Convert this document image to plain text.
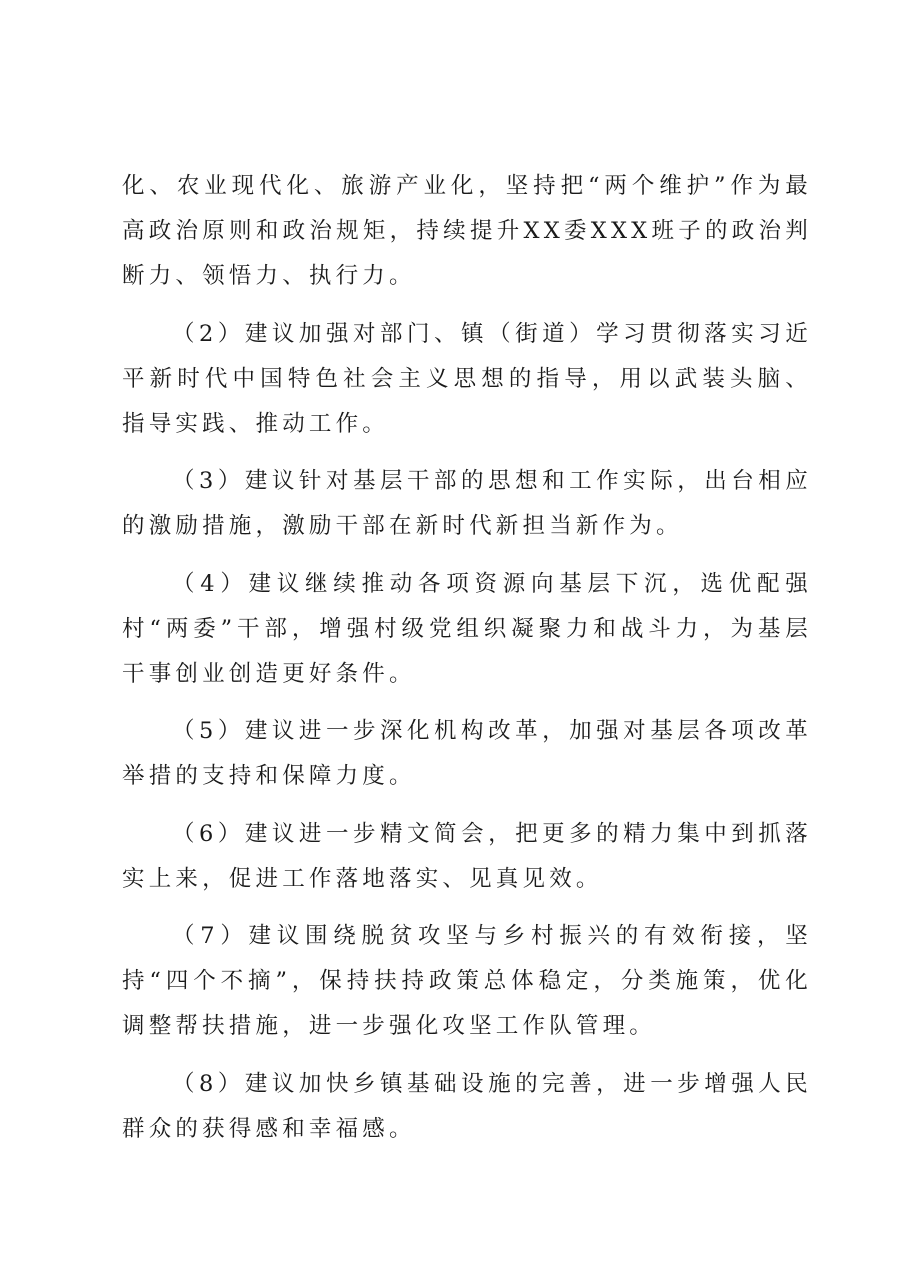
化、农业现代化、旅游产业化，坚持把“两个维护”作为最高政治原则和政治规矩，持续提升XX委XXX班子的政治判断力、领悟力、执行力。

（2）建议加强对部门、镇（街道）学习贯彻落实习近平新时代中国特色社会主义思想的指导，用以武装头脑、指导实践、推动工作。

（3）建议针对基层干部的思想和工作实际，出台相应的激励措施，激励干部在新时代新担当新作为。

（4）建议继续推动各项资源向基层下沉，选优配强村“两委”干部，增强村级党组织凝聚力和战斗力，为基层干事创业创造更好条件。

（5）建议进一步深化机构改革，加强对基层各项改革举措的支持和保障力度。

（6）建议进一步精文简会，把更多的精力集中到抓落实上来，促进工作落地落实、见真见效。

（7）建议围绕脱贫攻坚与乡村振兴的有效衔接，坚持“四个不摘”，保持扶持政策总体稳定，分类施策，优化调整帮扶措施，进一步强化攻坚工作队管理。

（8）建议加快乡镇基础设施的完善，进一步增强人民群众的获得感和幸福感。
